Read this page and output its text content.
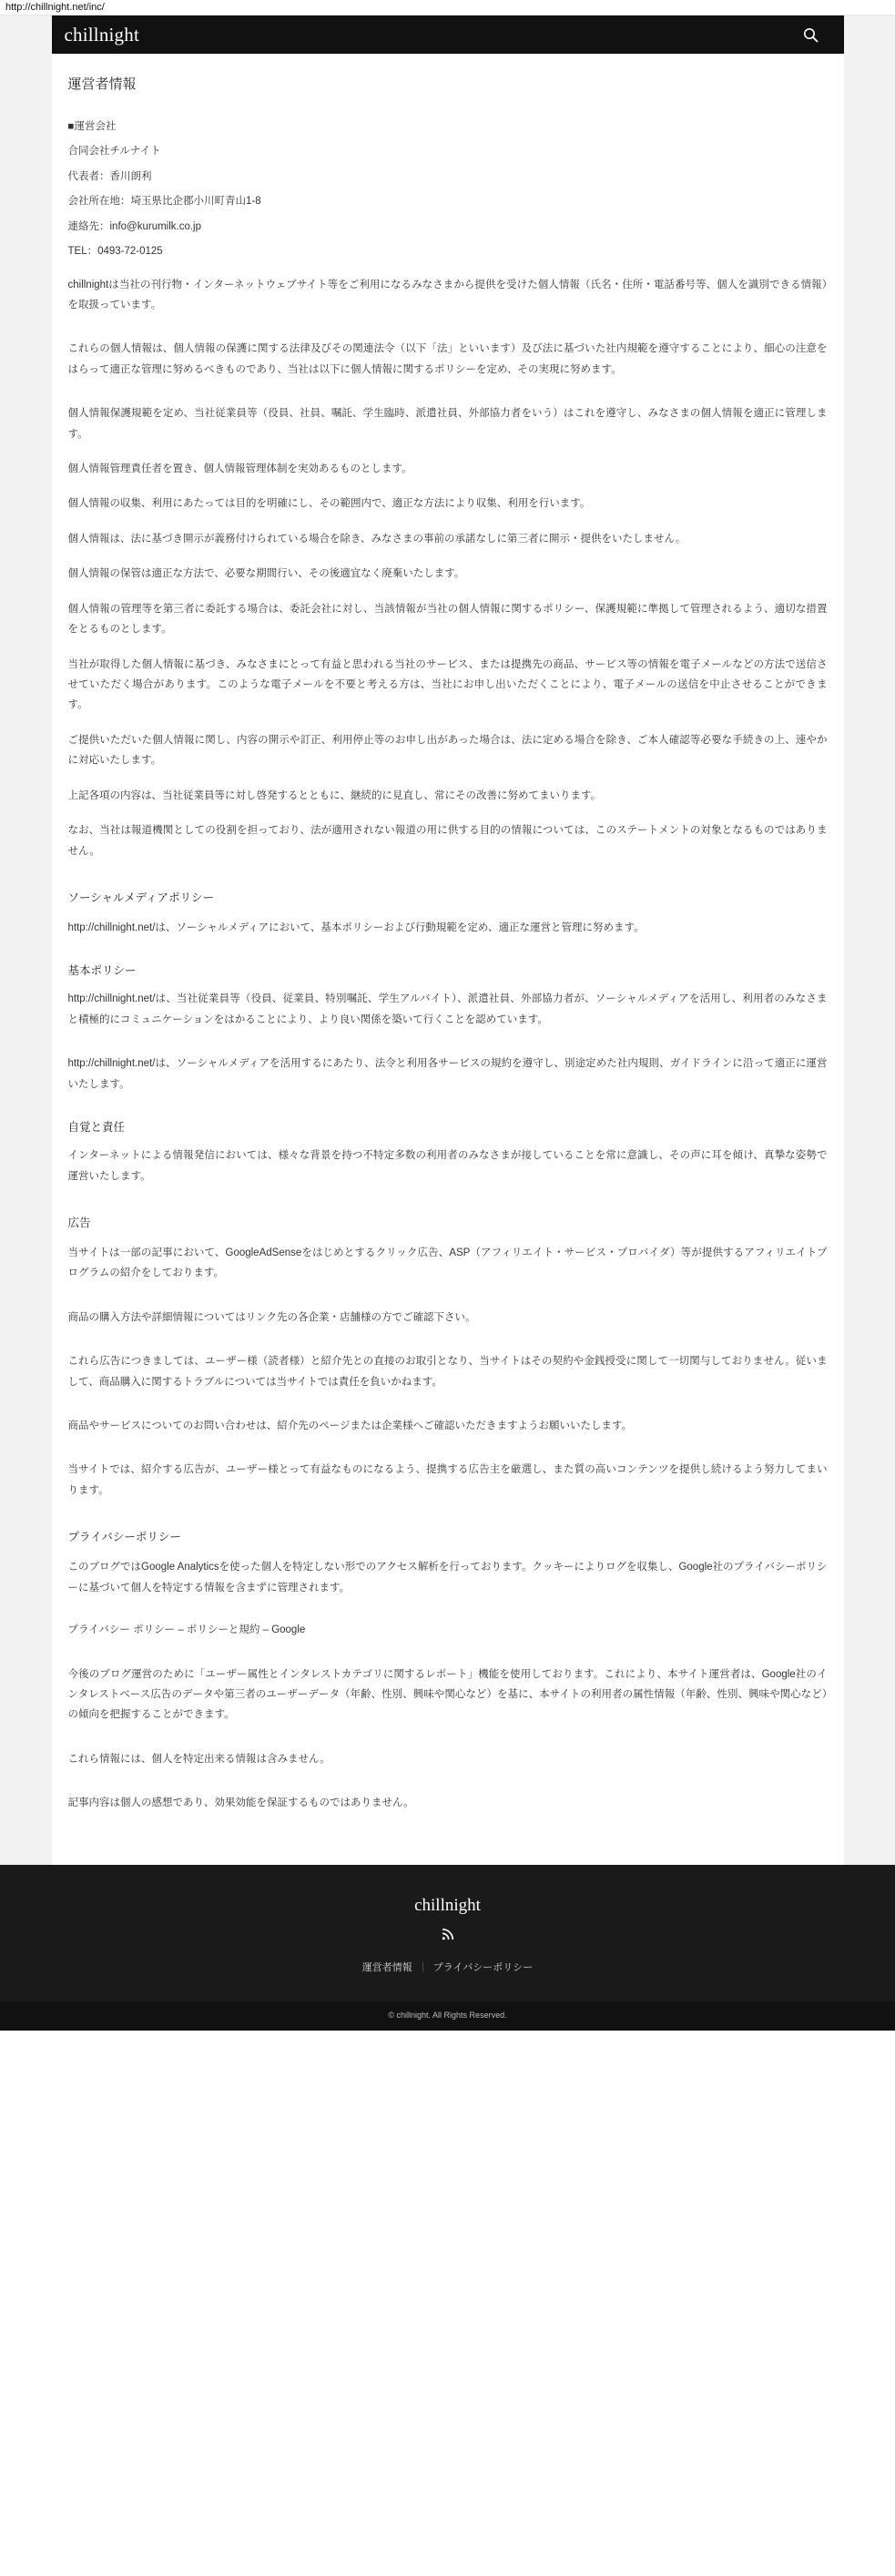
http://chillnight.net/inc/
chillnight
運営者情報

■運営会社

合同会社チルナイト

代表者：香川朗利

会社所在地：埼玉県比企郡小川町青山1-8

連絡先：info@kurumilk.co.jp

TEL：0493-72-0125

chillnightは当社の刊行物・インターネットウェブサイト等をご利用になるみなさまから提供を受けた個人情報（氏名・住所・電話番号等、個人を識別できる情報）を取扱っています。

これらの個人情報は、個人情報の保護に関する法律及びその関連法令（以下「法」といいます）及び法に基づいた社内規範を遵守することにより、細心の注意をはらって適正な管理に努めるべきものであり、当社は以下に個人情報に関するポリシーを定め、その実現に努めます。

個人情報保護規範を定め、当社従業員等（役員、社員、嘱託、学生臨時、派遣社員、外部協力者をいう）はこれを遵守し、みなさまの個人情報を適正に管理します。

個人情報管理責任者を置き、個人情報管理体制を実効あるものとします。

個人情報の収集、利用にあたっては目的を明確にし、その範囲内で、適正な方法により収集、利用を行います。

個人情報は、法に基づき開示が義務付けられている場合を除き、みなさまの事前の承諾なしに第三者に開示・提供をいたしません。

個人情報の保管は適正な方法で、必要な期間行い、その後適宜なく廃棄いたします。

個人情報の管理等を第三者に委託する場合は、委託会社に対し、当該情報が当社の個人情報に関するポリシー、保護規範に準拠して管理されるよう、適切な措置をとるものとします。

当社が取得した個人情報に基づき、みなさまにとって有益と思われる当社のサービス、または提携先の商品、サービス等の情報を電子メールなどの方法で送信させていただく場合があります。このような電子メールを不要と考える方は、当社にお申し出いただくことにより、電子メールの送信を中止させることができます。

ご提供いただいた個人情報に関し、内容の開示や訂正、利用停止等のお申し出があった場合は、法に定める場合を除き、ご本人確認等必要な手続きの上、速やかに対応いたします。

上記各項の内容は、当社従業員等に対し啓発するとともに、継続的に見直し、常にその改善に努めてまいります。

なお、当社は報道機関としての役割を担っており、法が適用されない報道の用に供する目的の情報については、このステートメントの対象となるものではありません。

ソーシャルメディアポリシー

http://chillnight.net/は、ソーシャルメディアにおいて、基本ポリシーおよび行動規範を定め、適正な運営と管理に努めます。

基本ポリシー

http://chillnight.net/は、当社従業員等（役員、従業員、特別嘱託、学生アルバイト）、派遣社員、外部協力者が、ソーシャルメディアを活用し、利用者のみなさまと積極的にコミュニケーションをはかることにより、より良い関係を築いて行くことを認めています。

http://chillnight.net/は、ソーシャルメディアを活用するにあたり、法令と利用各サービスの規約を遵守し、別途定めた社内規則、ガイドラインに沿って適正に運営いたします。

自覚と責任

インターネットによる情報発信においては、様々な背景を持つ不特定多数の利用者のみなさまが接していることを常に意識し、その声に耳を傾け、真摯な姿勢で運営いたします。

広告

当サイトは一部の記事において、GoogleAdSenseをはじめとするクリック広告、ASP（アフィリエイト・サービス・プロバイダ）等が提供するアフィリエイトプログラムの紹介をしております。

商品の購入方法や詳細情報についてはリンク先の各企業・店舗様の方でご確認下さい。

これら広告につきましては、ユーザー様（読者様）と紹介先との直接のお取引となり、当サイトはその契約や金銭授受に関して一切関与しておりません。従いまして、商品購入に関するトラブルについては当サイトでは責任を負いかねます。

商品やサービスについてのお問い合わせは、紹介先のページまたは企業様へご確認いただきますようお願いいたします。

当サイトでは、紹介する広告が、ユーザー様とって有益なものになるよう、提携する広告主を厳選し、また質の高いコンテンツを提供し続けるよう努力してまいります。

プライバシーポリシー

このブログではGoogle Analyticsを使った個人を特定しない形でのアクセス解析を行っております。クッキーによりログを収集し、Google社のプライバシーポリシーに基づいて個人を特定する情報を含まずに管理されます。

プライバシー ポリシー – ポリシーと規約 – Google

今後のブログ運営のために「ユーザー属性とインタレストカテゴリに関するレポート」機能を使用しております。これにより、本サイト運営者は、Google社のインタレストベース広告のデータや第三者のユーザーデータ（年齢、性別、興味や関心など）を基に、本サイトの利用者の属性情報（年齢、性別、興味や関心など）の傾向を把握することができます。

これら情報には、個人を特定出来る情報は含みません。

記事内容は個人の感想であり、効果効能を保証するものではありません。

chillnight
運営者情報 ｜ プライバシーポリシー
© chillnight. All Rights Reserved.
